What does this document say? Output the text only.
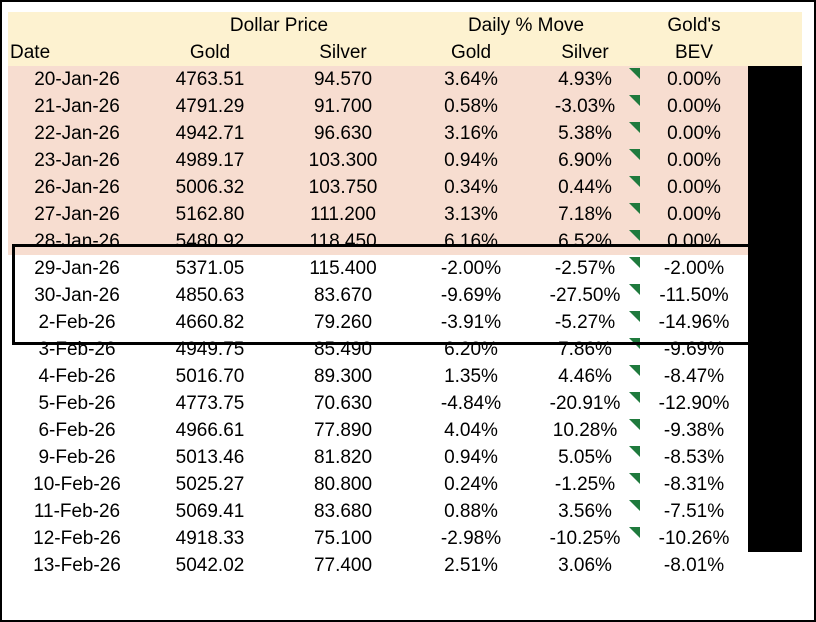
	Dollar Price		Daily % Move		Gold's	
Date	Gold	Silver	Gold	Silver	BEV	
20-Jan-26	4763.51	94.570	3.64%	4.93%	0.00%	
21-Jan-26	4791.29	91.700	0.58%	-3.03%	0.00%	
22-Jan-26	4942.71	96.630	3.16%	5.38%	0.00%	
23-Jan-26	4989.17	103.300	0.94%	6.90%	0.00%	
26-Jan-26	5006.32	103.750	0.34%	0.44%	0.00%	
27-Jan-26	5162.80	111.200	3.13%	7.18%	0.00%	
28-Jan-26	5480.92	118.450	6.16%	6.52%	0.00%	
29-Jan-26	5371.05	115.400	-2.00%	-2.57%	-2.00%	
30-Jan-26	4850.63	83.670	-9.69%	-27.50%	-11.50%	
2-Feb-26	4660.82	79.260	-3.91%	-5.27%	-14.96%	
3-Feb-26	4949.75	85.490	6.20%	7.86%	-9.69%	
4-Feb-26	5016.70	89.300	1.35%	4.46%	-8.47%	
5-Feb-26	4773.75	70.630	-4.84%	-20.91%	-12.90%	
6-Feb-26	4966.61	77.890	4.04%	10.28%	-9.38%	
9-Feb-26	5013.46	81.820	0.94%	5.05%	-8.53%	
10-Feb-26	5025.27	80.800	0.24%	-1.25%	-8.31%	
11-Feb-26	5069.41	83.680	0.88%	3.56%	-7.51%	
12-Feb-26	4918.33	75.100	-2.98%	-10.25%	-10.26%	
13-Feb-26	5042.02	77.400	2.51%	3.06%	-8.01%	
